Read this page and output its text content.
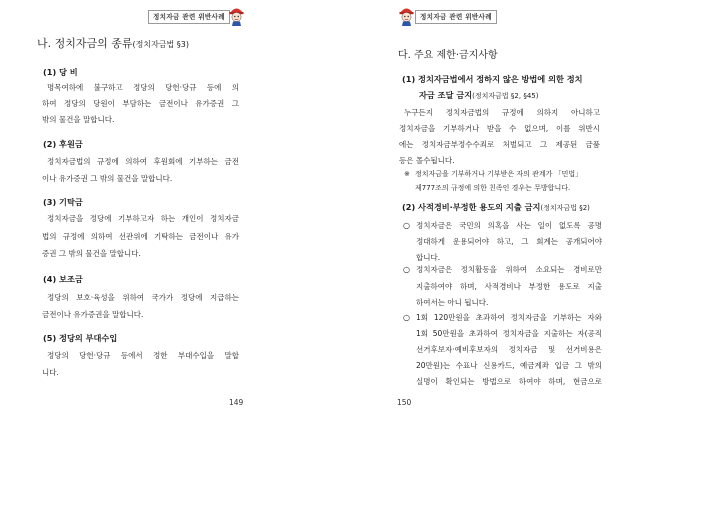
정치자금 관련 위반사례
나. 정치자금의 종류(정치자금법 §3)
(1) 당 비
명목여하에 불구하고 정당의 당헌·당규 등에 의
하여 정당의 당원이 부담하는 금전이나 유가증권 그
밖의 물건을 말합니다.
(2) 후원금
정치자금법의 규정에 의하여 후원회에 기부하는 금전
이나 유가증권 그 밖의 물건을 말합니다.
(3) 기탁금
정치자금을 정당에 기부하고자 하는 개인이 정치자금
법의 규정에 의하여 선관위에 기탁하는 금전이나 유가
증권 그 밖의 물건을 말합니다.
(4) 보조금
정당의 보호·육성을 위하여 국가가 정당에 지급하는
금전이나 유가증권을 말합니다.
(5) 정당의 부대수입
정당의 당헌·당규 등에서 정한 부대수입을 말합
니다.
149
정치자금 관련 위반사례
다. 주요 제한·금지사항
(1) 정치자금법에서 정하지 않은 방법에 의한 정치
자금 조달 금지(정치자금법 §2, §45)
누구든지 정치자금법의 규정에 의하지 아니하고
정치자금을 기부하거나 받을 수 없으며, 이를 위반시
에는 정치자금부정수수죄로 처벌되고 그 제공된 금품
등은 몰수됩니다.
※ 정치자금을 기부하거나 기부받은 자의 관계가 「민법」
제777조의 규정에 의한 친족인 경우는 무방합니다.
(2) 사적경비·부정한 용도의 지출 금지(정치자금법 §2)
○ 정치자금은 국민의 의혹을 사는 일이 없도록 공명
정대하게 운용되어야 하고, 그 회계는 공개되어야
합니다.
○ 정치자금은 정치활동을 위하여 소요되는 경비로만
지출하여야 하며, 사적경비나 부정한 용도로 지출
하여서는 아니 됩니다.
○ 1회 120만원을 초과하여 정치자금을 기부하는 자와
1회 50만원을 초과하여 정치자금을 지출하는 자(공직
선거후보자·예비후보자의 정치자금 및 선거비용은
20만원)는 수표나 신용카드, 예금계좌 입금 그 밖의
실명이 확인되는 방법으로 하여야 하며, 현금으로
150
